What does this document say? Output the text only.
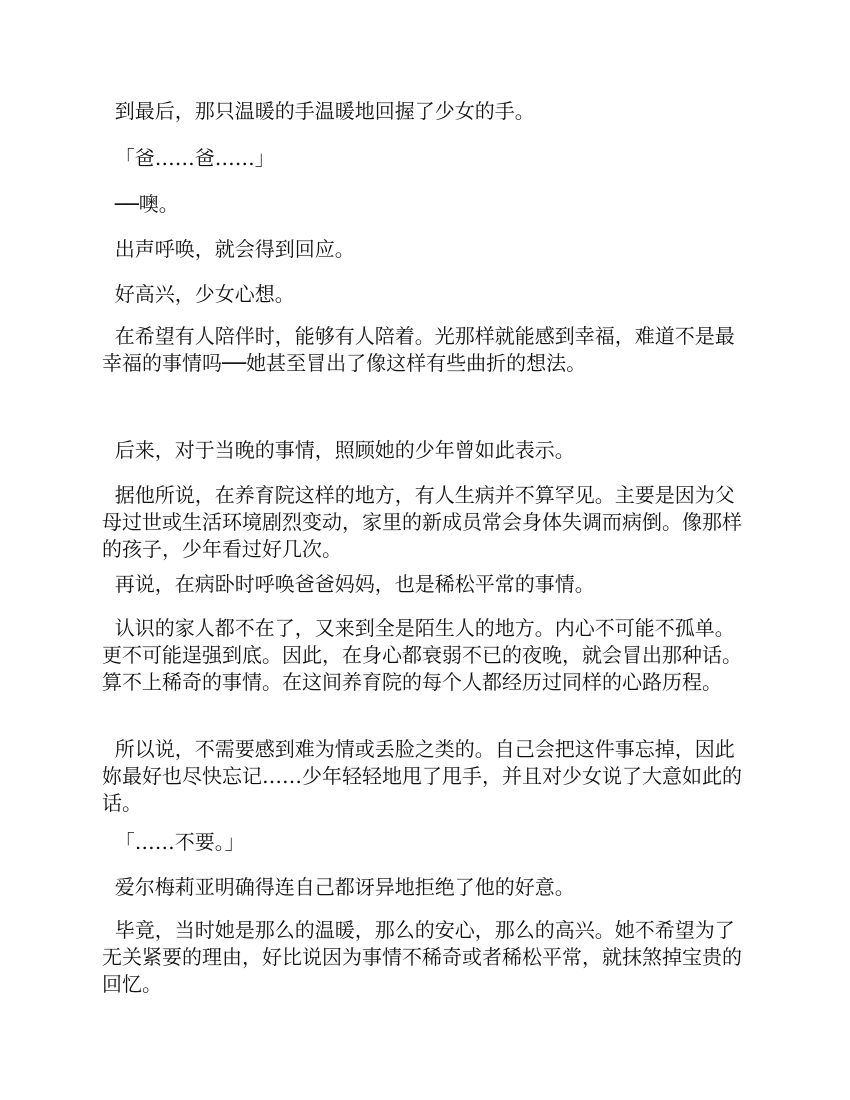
到最后，那只温暖的手温暖地回握了少女的手。

「爸……爸……」

──噢。

出声呼唤，就会得到回应。

好高兴，少女心想。

在希望有人陪伴时，能够有人陪着。光那样就能感到幸福，难道不是最幸福的事情吗──她甚至冒出了像这样有些曲折的想法。

后来，对于当晚的事情，照顾她的少年曾如此表示。

据他所说，在养育院这样的地方，有人生病并不算罕见。主要是因为父母过世或生活环境剧烈变动，家里的新成员常会身体失调而病倒。像那样的孩子，少年看过好几次。

再说，在病卧时呼唤爸爸妈妈，也是稀松平常的事情。

认识的家人都不在了，又来到全是陌生人的地方。内心不可能不孤单。更不可能逞强到底。因此，在身心都衰弱不已的夜晚，就会冒出那种话。算不上稀奇的事情。在这间养育院的每个人都经历过同样的心路历程。

所以说，不需要感到难为情或丢脸之类的。自己会把这件事忘掉，因此妳最好也尽快忘记……少年轻轻地甩了甩手，并且对少女说了大意如此的话。

「……不要。」

爱尔梅莉亚明确得连自己都讶异地拒绝了他的好意。

毕竟，当时她是那么的温暖，那么的安心，那么的高兴。她不希望为了无关紧要的理由，好比说因为事情不稀奇或者稀松平常，就抹煞掉宝贵的回忆。
